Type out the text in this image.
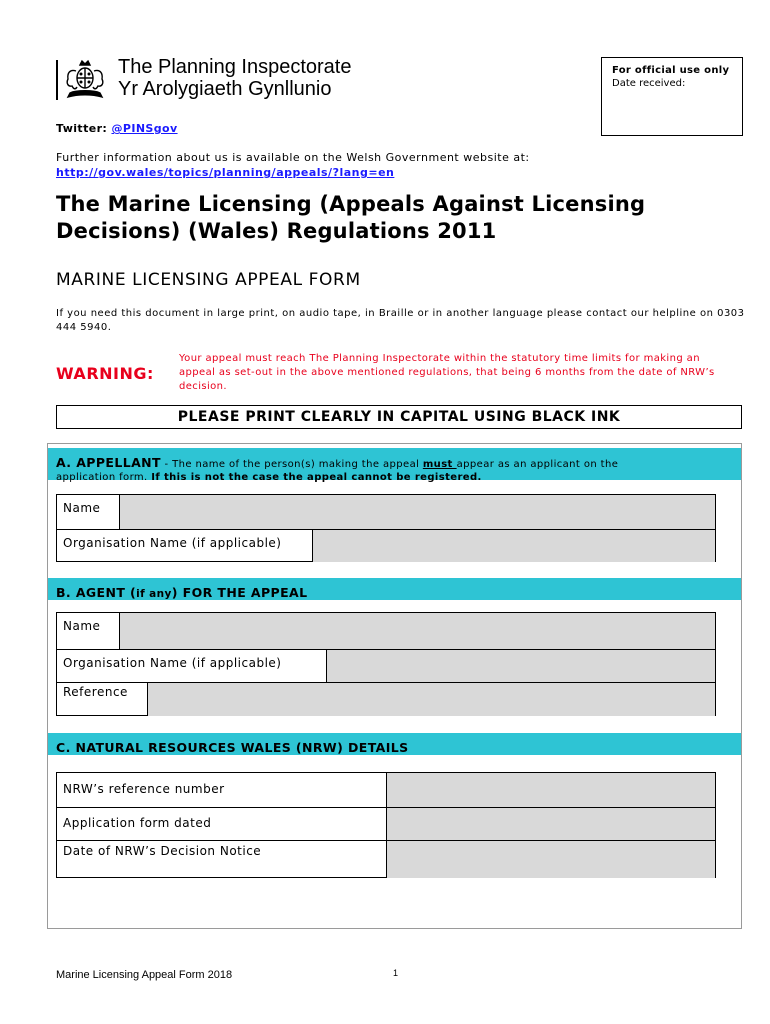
The Planning Inspectorate
Yr Arolygiaeth Gynllunio
For official use only
Date received:
Twitter: @PINSgov
Further information about us is available on the Welsh Government website at:
http://gov.wales/topics/planning/appeals/?lang=en
The Marine Licensing (Appeals Against Licensing Decisions) (Wales) Regulations 2011
MARINE LICENSING APPEAL FORM
If you need this document in large print, on audio tape, in Braille or in another language please contact our helpline on 0303 444 5940.
WARNING:
Your appeal must reach The Planning Inspectorate within the statutory time limits for making an appeal as set-out in the above mentioned regulations, that being 6 months from the date of NRW’s decision.
PLEASE PRINT CLEARLY IN CAPITAL USING BLACK INK
A. APPELLANT - The name of the person(s) making the appeal must appear as an applicant on the
application form. If this is not the case the appeal cannot be registered.
Name
Organisation Name (if applicable)
B. AGENT (if any) FOR THE APPEAL
Name
Organisation Name (if applicable)
Reference
C. NATURAL RESOURCES WALES (NRW) DETAILS
NRW’s reference number
Application form dated
Date of NRW’s Decision Notice
Marine Licensing Appeal Form 2018	1
